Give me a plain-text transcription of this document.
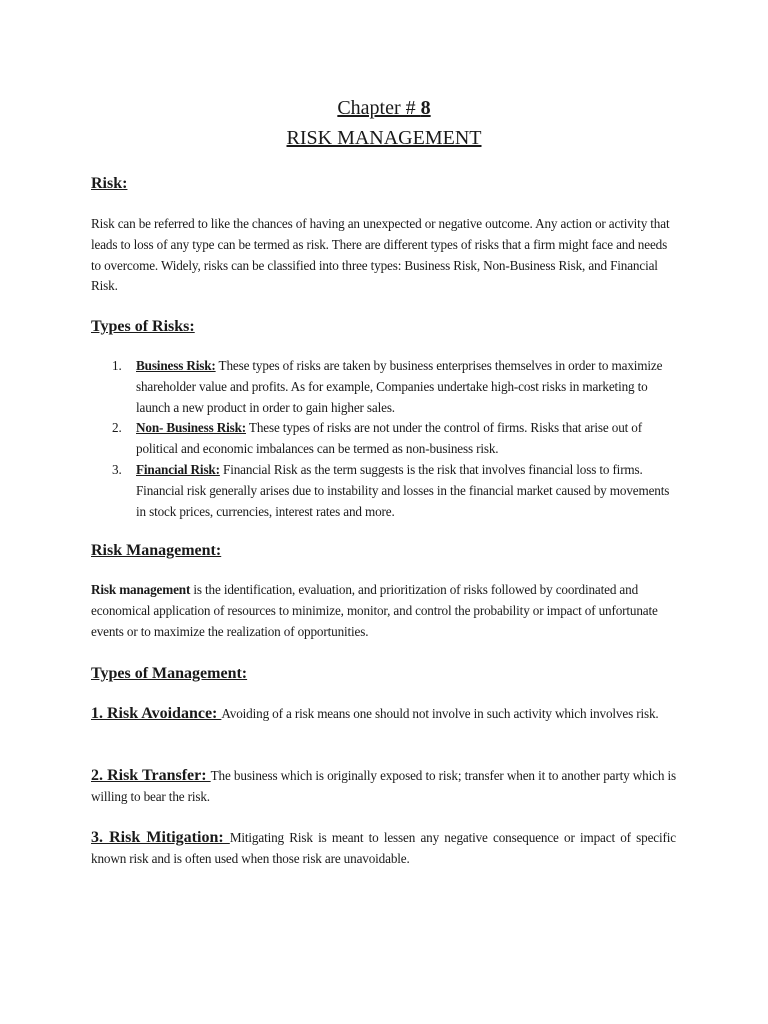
Chapter # 8
RISK MANAGEMENT
Risk:
Risk can be referred to like the chances of having an unexpected or negative outcome. Any action or activity that leads to loss of any type can be termed as risk. There are different types of risks that a firm might face and needs to overcome. Widely, risks can be classified into three types: Business Risk, Non-Business Risk, and Financial Risk.
Types of Risks:
1. Business Risk: These types of risks are taken by business enterprises themselves in order to maximize shareholder value and profits. As for example, Companies undertake high-cost risks in marketing to launch a new product in order to gain higher sales.
2. Non- Business Risk: These types of risks are not under the control of firms. Risks that arise out of political and economic imbalances can be termed as non-business risk.
3. Financial Risk: Financial Risk as the term suggests is the risk that involves financial loss to firms. Financial risk generally arises due to instability and losses in the financial market caused by movements in stock prices, currencies, interest rates and more.
Risk Management:
Risk management is the identification, evaluation, and prioritization of risks followed by coordinated and economical application of resources to minimize, monitor, and control the probability or impact of unfortunate events or to maximize the realization of opportunities.
Types of Management:
1. Risk Avoidance: Avoiding of a risk means one should not involve in such activity which involves risk.
2. Risk Transfer: The business which is originally exposed to risk; transfer when it to another party which is willing to bear the risk.
3. Risk Mitigation: Mitigating Risk is meant to lessen any negative consequence or impact of specific known risk and is often used when those risk are unavoidable.
